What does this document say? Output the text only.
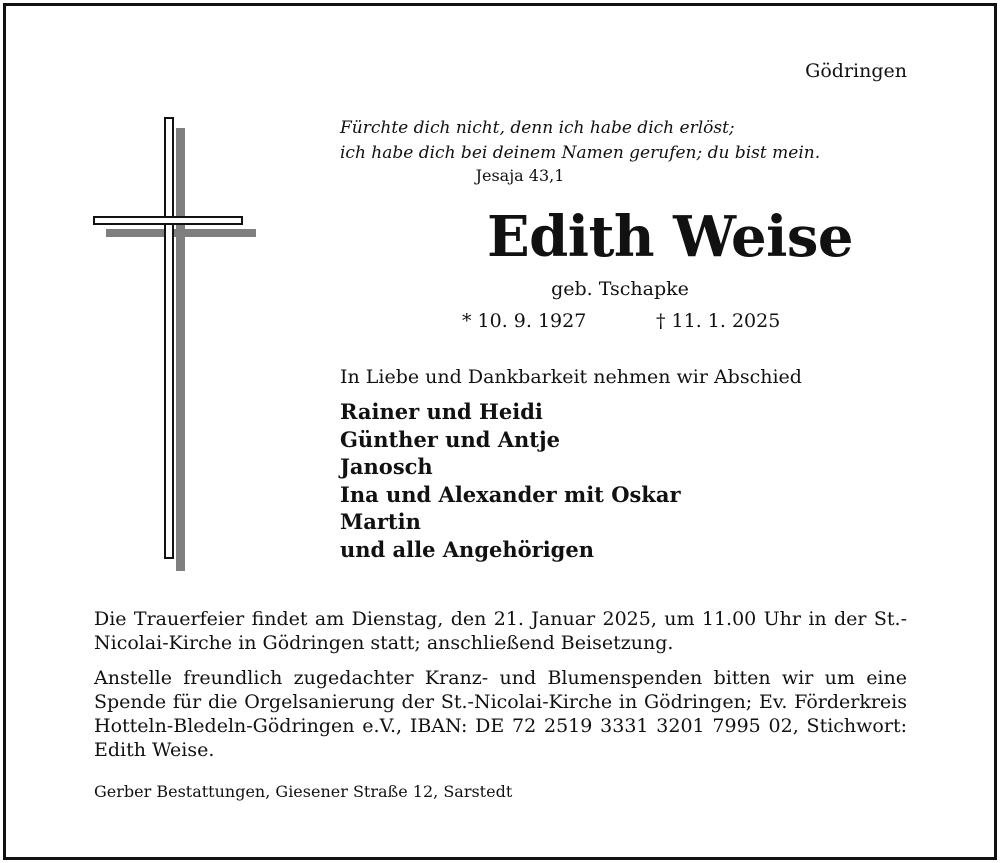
Gödringen
Fürchte dich nicht, denn ich habe dich erlöst;
ich habe dich bei deinem Namen gerufen; du bist mein.
Jesaja 43,1
Edith Weise
geb. Tschapke
* 10. 9. 1927	† 11. 1. 2025
In Liebe und Dankbarkeit nehmen wir Abschied
Rainer und Heidi
Günther und Antje
Janosch
Ina und Alexander mit Oskar
Martin
und alle Angehörigen

Die Trauerfeier findet am Dienstag, den 21. Januar 2025, um 11.00 Uhr in der St.-Nicolai-Kirche in Gödringen statt; anschließend Beisetzung.

Anstelle freundlich zugedachter Kranz- und Blumenspenden bitten wir um eine Spende für die Orgelsanierung der St.-Nicolai-Kirche in Gödringen; Ev. Förderkreis Hotteln-Bledeln-Gödringen e.V., IBAN: DE 72 2519 3331 3201 7995 02, Stichwort: Edith Weise.

Gerber Bestattungen, Giesener Straße 12, Sarstedt
